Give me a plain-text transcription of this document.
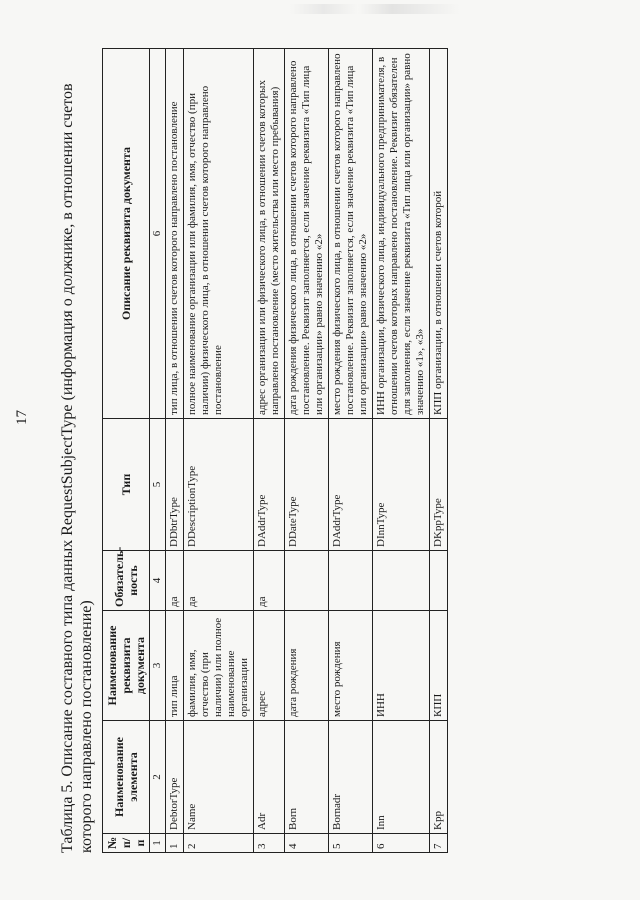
17 Таблица 5. Описание составного типа данных RequestSubjectType (информация о должнике, в отношении счетов которого направлено постановление) № п/п	Наименование элемента	Наименование реквизита документа	Обязатель-ность	Тип	Описание реквизита документа
1	2	3	4	5	6
1	DebtorType	тип лица	да	DDbtrType	тип лица, в отношении счетов которого направлено постановление
2	Name	фамилия, имя, отчество (при наличии) или полное наименование организации	да	DDescriptionType	полное наименование организации или фамилия, имя, отчество (при наличии) физического лица, в отношении счетов которого направлено постановление
3	Adr	адрес	да	DAddrType	адрес организации или физического лица, в отношении счетов которых направлено постановление (место жительства или место пребывания)
4	Born	дата рождения		DDateType	дата рождения физического лица, в отношении счетов которого направлено постановление. Реквизит заполняется, если значение реквизита «Тип лица или организации» равно значению «2»
5	Bornadr	место рождения		DAddrType	место рождения физического лица, в отношении счетов которого направлено постановление. Реквизит заполняется, если значение реквизита «Тип лица или организации» равно значению «2»
6	Inn	ИНН		DInnType	ИНН организации, физического лица, индивидуального предпринимателя, в отношении счетов которых направлено постановление. Реквизит обязателен для заполнения, если значение реквизита «Тип лица или организации» равно значению «1», «3»
7	Kpp	КПП		DKppType	КПП организации, в отношении счетов которой
